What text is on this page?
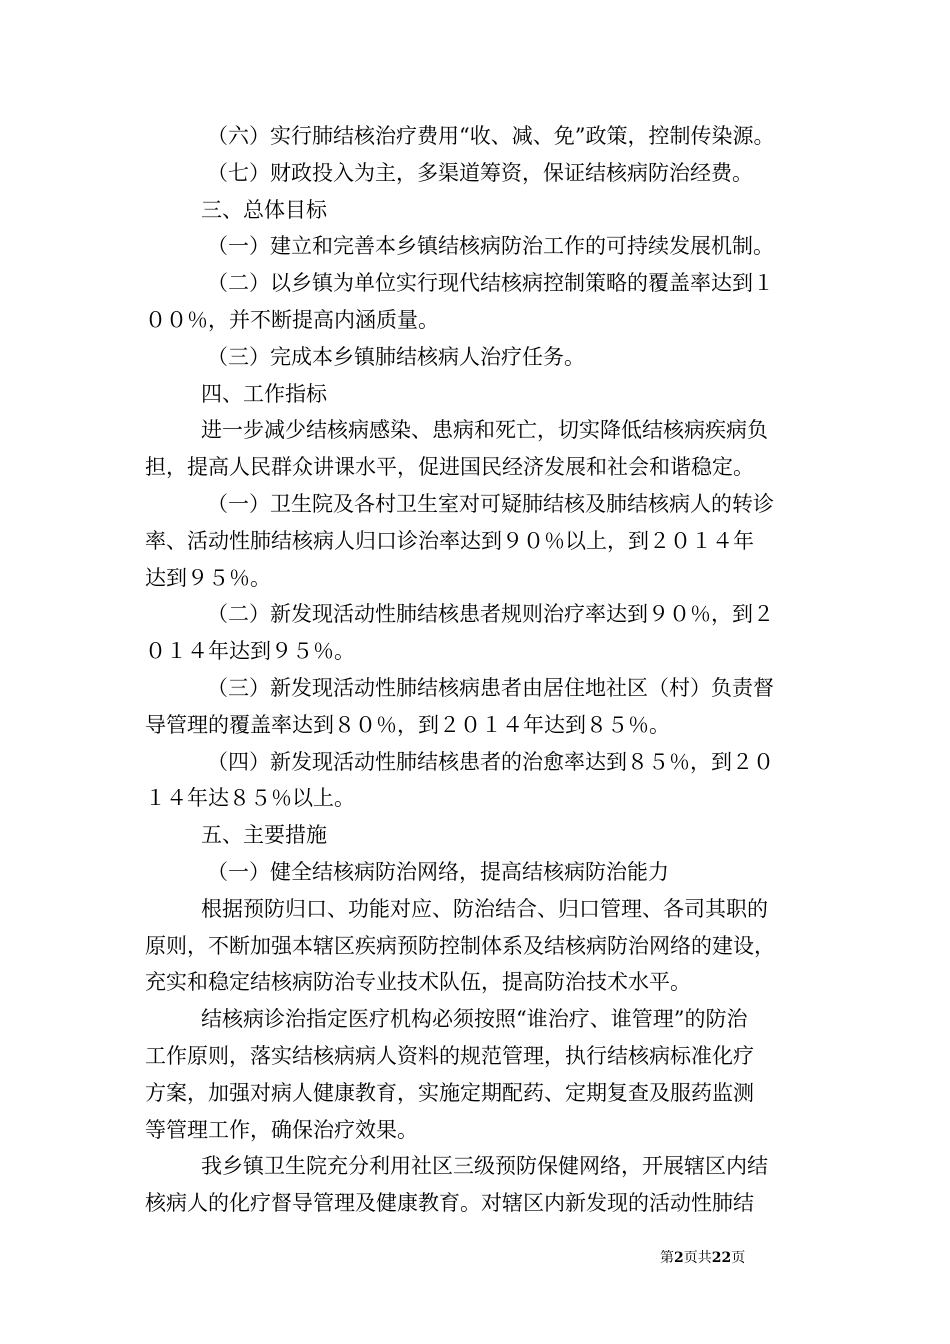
（六）实行肺结核治疗费用“收、减、免”政策，控制传染源。
（七）财政投入为主，多渠道筹资，保证结核病防治经费。
三、总体目标
（一）建立和完善本乡镇结核病防治工作的可持续发展机制。
（二）以乡镇为单位实行现代结核病控制策略的覆盖率达到１
００％，并不断提高内涵质量。
（三）完成本乡镇肺结核病人治疗任务。
四、工作指标
进一步减少结核病感染、患病和死亡，切实降低结核病疾病负
担，提高人民群众讲课水平，促进国民经济发展和社会和谐稳定。
（一）卫生院及各村卫生室对可疑肺结核及肺结核病人的转诊
率、活动性肺结核病人归口诊治率达到９０％以上，到２０１４年
达到９５％。
（二）新发现活动性肺结核患者规则治疗率达到９０％，到２
０１４年达到９５％。
（三）新发现活动性肺结核病患者由居住地社区（村）负责督
导管理的覆盖率达到８０％，到２０１４年达到８５％。
（四）新发现活动性肺结核患者的治愈率达到８５％，到２０
１４年达８５％以上。
五、主要措施
（一）健全结核病防治网络，提高结核病防治能力
根据预防归口、功能对应、防治结合、归口管理、各司其职的
原则，不断加强本辖区疾病预防控制体系及结核病防治网络的建设，
充实和稳定结核病防治专业技术队伍，提高防治技术水平。
结核病诊治指定医疗机构必须按照“谁治疗、谁管理”的防治
工作原则，落实结核病病人资料的规范管理，执行结核病标准化疗
方案，加强对病人健康教育，实施定期配药、定期复查及服药监测
等管理工作，确保治疗效果。
我乡镇卫生院充分利用社区三级预防保健网络，开展辖区内结
核病人的化疗督导管理及健康教育。对辖区内新发现的活动性肺结
第2页共22页
